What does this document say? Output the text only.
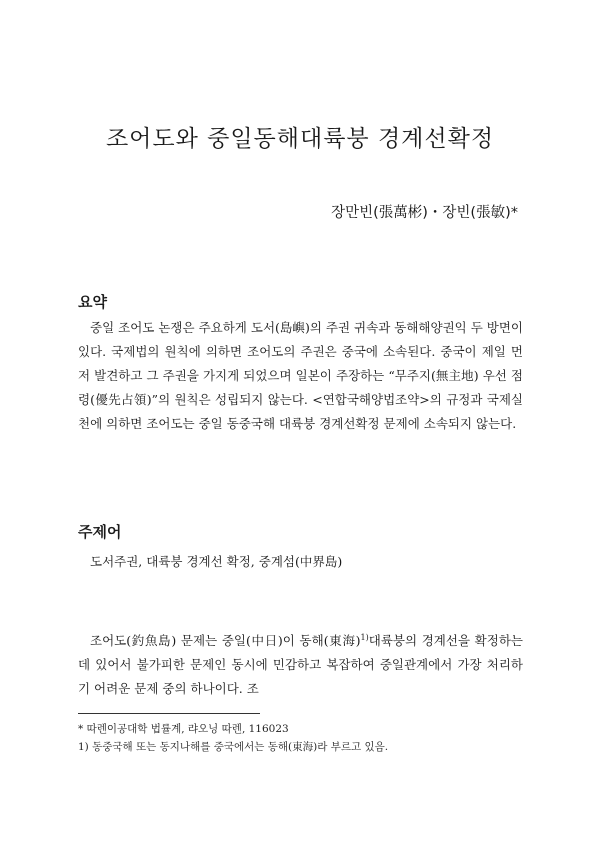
조어도와 중일동해대륙붕 경계선확정
장만빈(張萬彬)・장빈(張敏)*
요약

중일 조어도 논쟁은 주요하게 도서(島嶼)의 주권 귀속과 동해해양권익 두 방면이 있다. 국제법의 원칙에 의하면 조어도의 주권은 중국에 소속된다. 중국이 제일 먼저 발견하고 그 주권을 가지게 되었으며 일본이 주장하는 “무주지(無主地) 우선 점령(優先占領)”의 원칙은 성립되지 않는다. <연합국해양법조약>의 규정과 국제실천에 의하면 조어도는 중일 동중국해 대륙붕 경계선확정 문제에 소속되지 않는다.

주제어
도서주권, 대륙붕 경계선 확정, 중계섬(中界島)

조어도(釣魚島) 문제는 중일(中日)이 동해(東海)$^{1)}$대륙붕의 경계선을 확정하는데 있어서 불가피한 문제인 동시에 민감하고 복잡하여 중일관계에서 가장 처리하기 어려운 문제 중의 하나이다. 조

* 따렌이공대학 법률계, 랴오닝 따렌, 116023
1) 동중국해 또는 동지나해를 중국에서는 동해(東海)라 부르고 있음.
